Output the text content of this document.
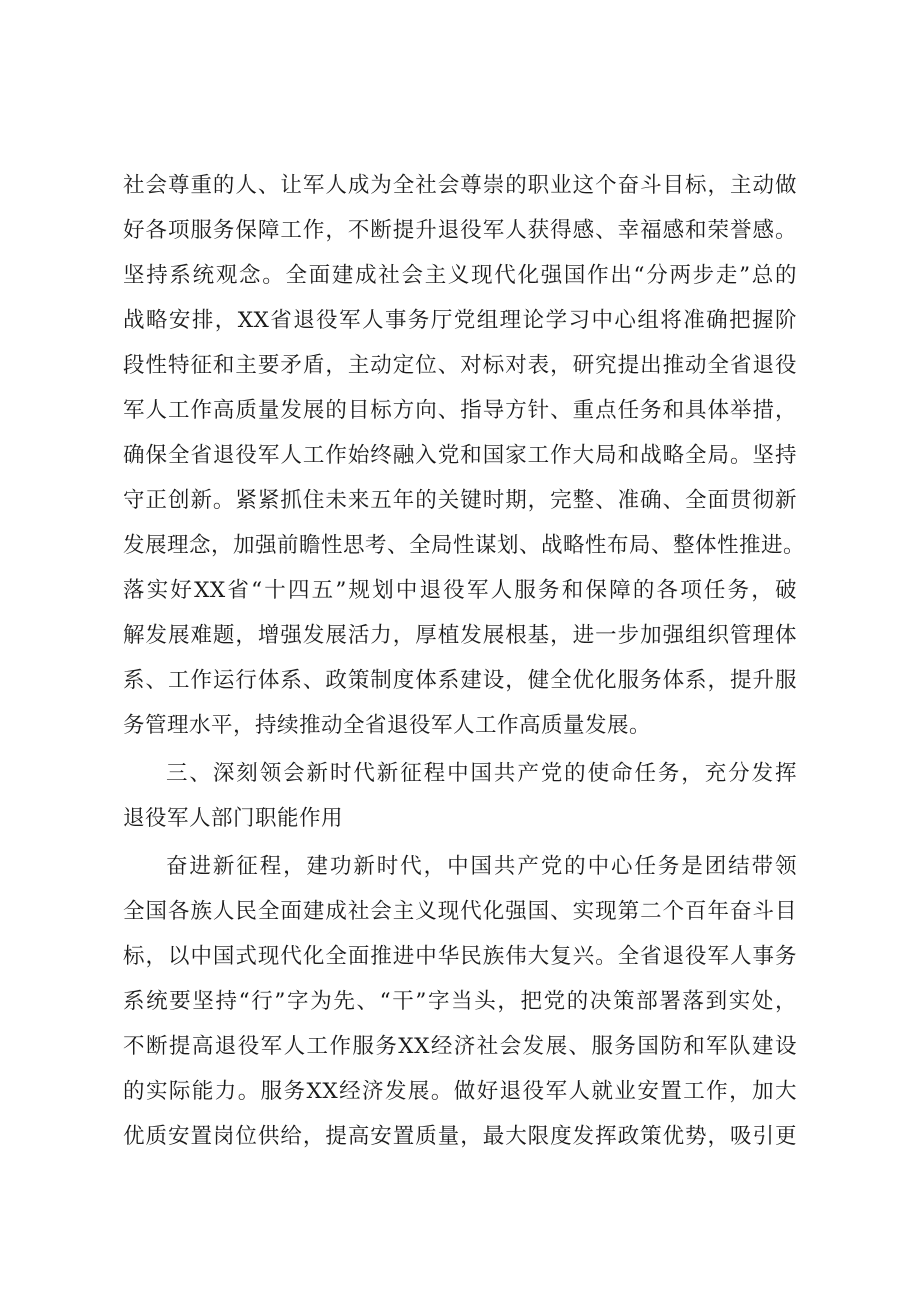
社会尊重的人、让军人成为全社会尊崇的职业这个奋斗目标，主动做
好各项服务保障工作，不断提升退役军人获得感、幸福感和荣誉感。
坚持系统观念。全面建成社会主义现代化强国作出“分两步走”总的
战略安排，XX省退役军人事务厅党组理论学习中心组将准确把握阶
段性特征和主要矛盾，主动定位、对标对表，研究提出推动全省退役
军人工作高质量发展的目标方向、指导方针、重点任务和具体举措，
确保全省退役军人工作始终融入党和国家工作大局和战略全局。坚持
守正创新。紧紧抓住未来五年的关键时期，完整、准确、全面贯彻新
发展理念，加强前瞻性思考、全局性谋划、战略性布局、整体性推进。
落实好XX省“十四五”规划中退役军人服务和保障的各项任务，破
解发展难题，增强发展活力，厚植发展根基，进一步加强组织管理体
系、工作运行体系、政策制度体系建设，健全优化服务体系，提升服
务管理水平，持续推动全省退役军人工作高质量发展。
三、深刻领会新时代新征程中国共产党的使命任务，充分发挥
退役军人部门职能作用
奋进新征程，建功新时代，中国共产党的中心任务是团结带领
全国各族人民全面建成社会主义现代化强国、实现第二个百年奋斗目
标，以中国式现代化全面推进中华民族伟大复兴。全省退役军人事务
系统要坚持“行”字为先、“干”字当头，把党的决策部署落到实处，
不断提高退役军人工作服务XX经济社会发展、服务国防和军队建设
的实际能力。服务XX经济发展。做好退役军人就业安置工作，加大
优质安置岗位供给，提高安置质量，最大限度发挥政策优势，吸引更
